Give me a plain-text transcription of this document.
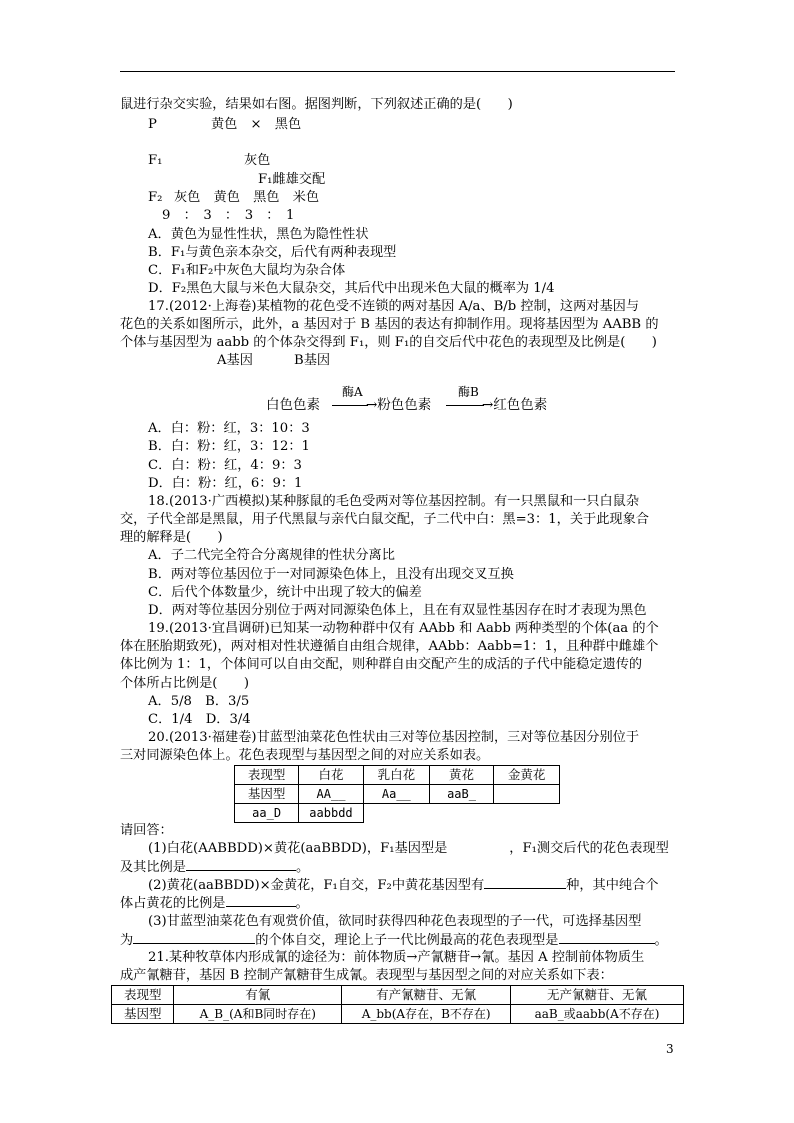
鼠进行杂交实验，结果如右图。据图判断，下列叙述正确的是(　　)
P	黄色　×　黑色
F₁	灰色
F₁雌雄交配
F₂ 灰色　黄色　黑色　米色
9　：　3　：　3　：　1
A．黄色为显性性状，黑色为隐性性状
B．F₁与黄色亲本杂交，后代有两种表现型
C．F₁和F₂中灰色大鼠均为杂合体
D．F₂黑色大鼠与米色大鼠杂交，其后代中出现米色大鼠的概率为 1/4
17.(2012·上海卷)某植物的花色受不连锁的两对基因 A/a、B/b 控制，这两对基因与
花色的关系如图所示，此外，a 基因对于 B 基因的表达有抑制作用。现将基因型为 AABB 的
个体与基因型为 aabb 的个体杂交得到 F₁，则 F₁的自交后代中花色的表现型及比例是(　　)
A基因	B基因
白色色素
酶A
→粉色色素
酶B
→红色色素
A．白：粉：红，3：10：3
B．白：粉：红，3：12：1
C．白：粉：红，4：9：3
D．白：粉：红，6：9：1
18.(2013·广西模拟)某种豚鼠的毛色受两对等位基因控制。有一只黑鼠和一只白鼠杂
交，子代全部是黑鼠，用子代黑鼠与亲代白鼠交配，子二代中白：黑=3：1，关于此现象合
理的解释是(　　)
A．子二代完全符合分离规律的性状分离比
B．两对等位基因位于一对同源染色体上，且没有出现交叉互换
C．后代个体数量少，统计中出现了较大的偏差
D．两对等位基因分别位于两对同源染色体上，且在有双显性基因存在时才表现为黑色
19.(2013·宜昌调研)已知某一动物种群中仅有 AAbb 和 Aabb 两种类型的个体(aa 的个
体在胚胎期致死)，两对相对性状遵循自由组合规律，AAbb：Aabb=1：1，且种群中雌雄个
体比例为 1：1，个体间可以自由交配，则种群自由交配产生的成活的子代中能稳定遗传的
个体所占比例是(　　)
A．5/8　B．3/5
C．1/4　D．3/4
20.(2013·福建卷)甘蓝型油菜花色性状由三对等位基因控制，三对等位基因分别位于
三对同源染色体上。花色表现型与基因型之间的对应关系如表。
表现型	白花	乳白花	黄花	金黄花
基因型	AA__	Aa__	aaB_	
aa_D	aabbdd			
请回答：
(1)白花(AABBDD)×黄花(aaBBDD)，F₁基因型是	，F₁测交后代的花色表现型
及其比例是	。
(2)黄花(aaBBDD)×金黄花，F₁自交，F₂中黄花基因型有	种，其中纯合个
体占黄花的比例是	。
(3)甘蓝型油菜花色有观赏价值，欲同时获得四种花色表现型的子一代，可选择基因型
为	的个体自交，理论上子一代比例最高的花色表现型是	。
21.某种牧草体内形成氰的途径为：前体物质→产氰糖苷→氰。基因 A 控制前体物质生
成产氰糖苷，基因 B 控制产氰糖苷生成氰。表现型与基因型之间的对应关系如下表：
表现型	有氰	有产氰糖苷、无氰	无产氰糖苷、无氰
基因型	A_B_(A和B同时存在)	A_bb(A存在，B不存在)	aaB_或aabb(A不存在)
3
